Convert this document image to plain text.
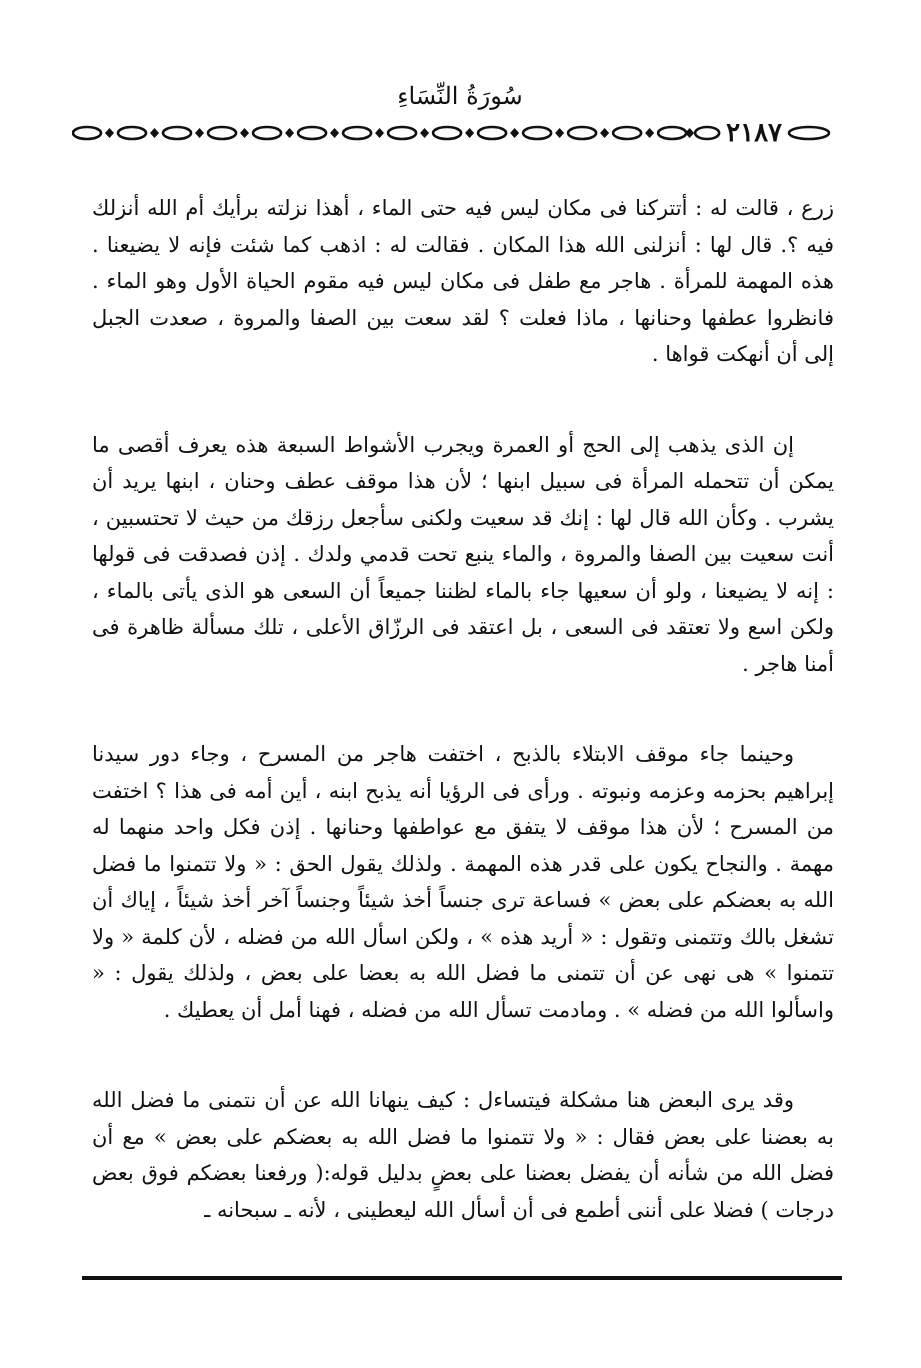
سُورَةُ النِّسَاءِ
٢١٨٧

زرع ، قالت له : أتتركنا فى مكان ليس فيه حتى الماء ، أهذا نزلته برأيك أم الله أنزلك فيه ؟. قال لها : أنزلنى الله هذا المكان . فقالت له : اذهب كما شئت فإنه لا يضيعنا . هذه المهمة للمرأة . هاجر مع طفل فى مكان ليس فيه مقوم الحياة الأول وهو الماء . فانظروا عطفها وحنانها ، ماذا فعلت ؟ لقد سعت بين الصفا والمروة ، صعدت الجبل إلى أن أنهكت قواها .

إن الذى يذهب إلى الحج أو العمرة ويجرب الأشواط السبعة هذه يعرف أقصى ما يمكن أن تتحمله المرأة فى سبيل ابنها ؛ لأن هذا موقف عطف وحنان ، ابنها يريد أن يشرب . وكأن الله قال لها : إنك قد سعيت ولكنى سأجعل رزقك من حيث لا تحتسبين ، أنت سعيت بين الصفا والمروة ، والماء ينبع تحت قدمي ولدك . إذن فصدقت فى قولها : إنه لا يضيعنا ، ولو أن سعيها جاء بالماء لظننا جميعاً أن السعى هو الذى يأتى بالماء ، ولكن اسع ولا تعتقد فى السعى ، بل اعتقد فى الرزّاق الأعلى ، تلك مسألة ظاهرة فى أمنا هاجر .

وحينما جاء موقف الابتلاء بالذبح ، اختفت هاجر من المسرح ، وجاء دور سيدنا إبراهيم بحزمه وعزمه ونبوته . ورأى فى الرؤيا أنه يذبح ابنه ، أين أمه فى هذا ؟ اختفت من المسرح ؛ لأن هذا موقف لا يتفق مع عواطفها وحنانها . إذن فكل واحد منهما له مهمة . والنجاح يكون على قدر هذه المهمة . ولذلك يقول الحق : « ولا تتمنوا ما فضل الله به بعضكم على بعض » فساعة ترى جنساً أخذ شيئاً وجنساً آخر أخذ شيئاً ، إياك أن تشغل بالك وتتمنى وتقول : « أريد هذه » ، ولكن اسأل الله من فضله ، لأن كلمة « ولا تتمنوا » هى نهى عن أن تتمنى ما فضل الله به بعضا على بعض ، ولذلك يقول : « واسألوا الله من فضله » . ومادمت تسأل الله من فضله ، فهنا أمل أن يعطيك .

وقد يرى البعض هنا مشكلة فيتساءل : كيف ينهانا الله عن أن نتمنى ما فضل الله به بعضنا على بعض فقال : « ولا تتمنوا ما فضل الله به بعضكم على بعض » مع أن فضل الله من شأنه أن يفضل بعضنا على بعضٍ بدليل قوله:( ورفعنا بعضكم فوق بعض درجات ) فضلا على أننى أطمع فى أن أسأل الله ليعطينى ، لأنه ـ سبحانه ـ
